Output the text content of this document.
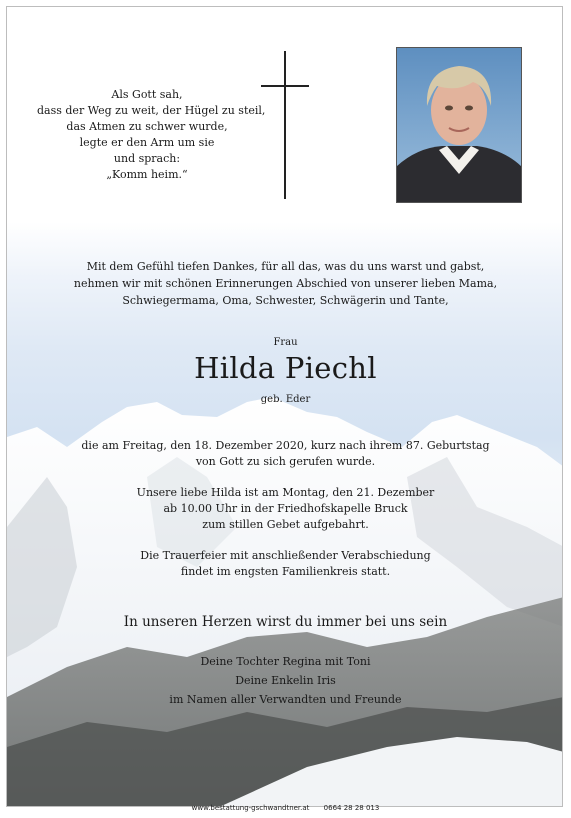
Als Gott sah,
dass der Weg zu weit, der Hügel zu steil,
das Atmen zu schwer wurde,
legte er den Arm um sie
und sprach:
„Komm heim.“
Mit dem Gefühl tiefen Dankes, für all das, was du uns warst und gabst,
nehmen wir mit schönen Erinnerungen Abschied von unserer lieben Mama,
Schwiegermama, Oma, Schwester, Schwägerin und Tante,
Frau
Hilda Piechl
geb. Eder
die am Freitag, den 18. Dezember 2020, kurz nach ihrem 87. Geburtstag
von Gott zu sich gerufen wurde.
Unsere liebe Hilda ist am Montag, den 21. Dezember
ab 10.00 Uhr in der Friedhofskapelle Bruck
zum stillen Gebet aufgebahrt.
Die Trauerfeier mit anschließender Verabschiedung
findet im engsten Familienkreis statt.
In unseren Herzen wirst du immer bei uns sein
Deine Tochter Regina mit Toni
Deine Enkelin Iris
im Namen aller Verwandten und Freunde
www.bestattung-gschwandtner.at 0664 28 28 013
